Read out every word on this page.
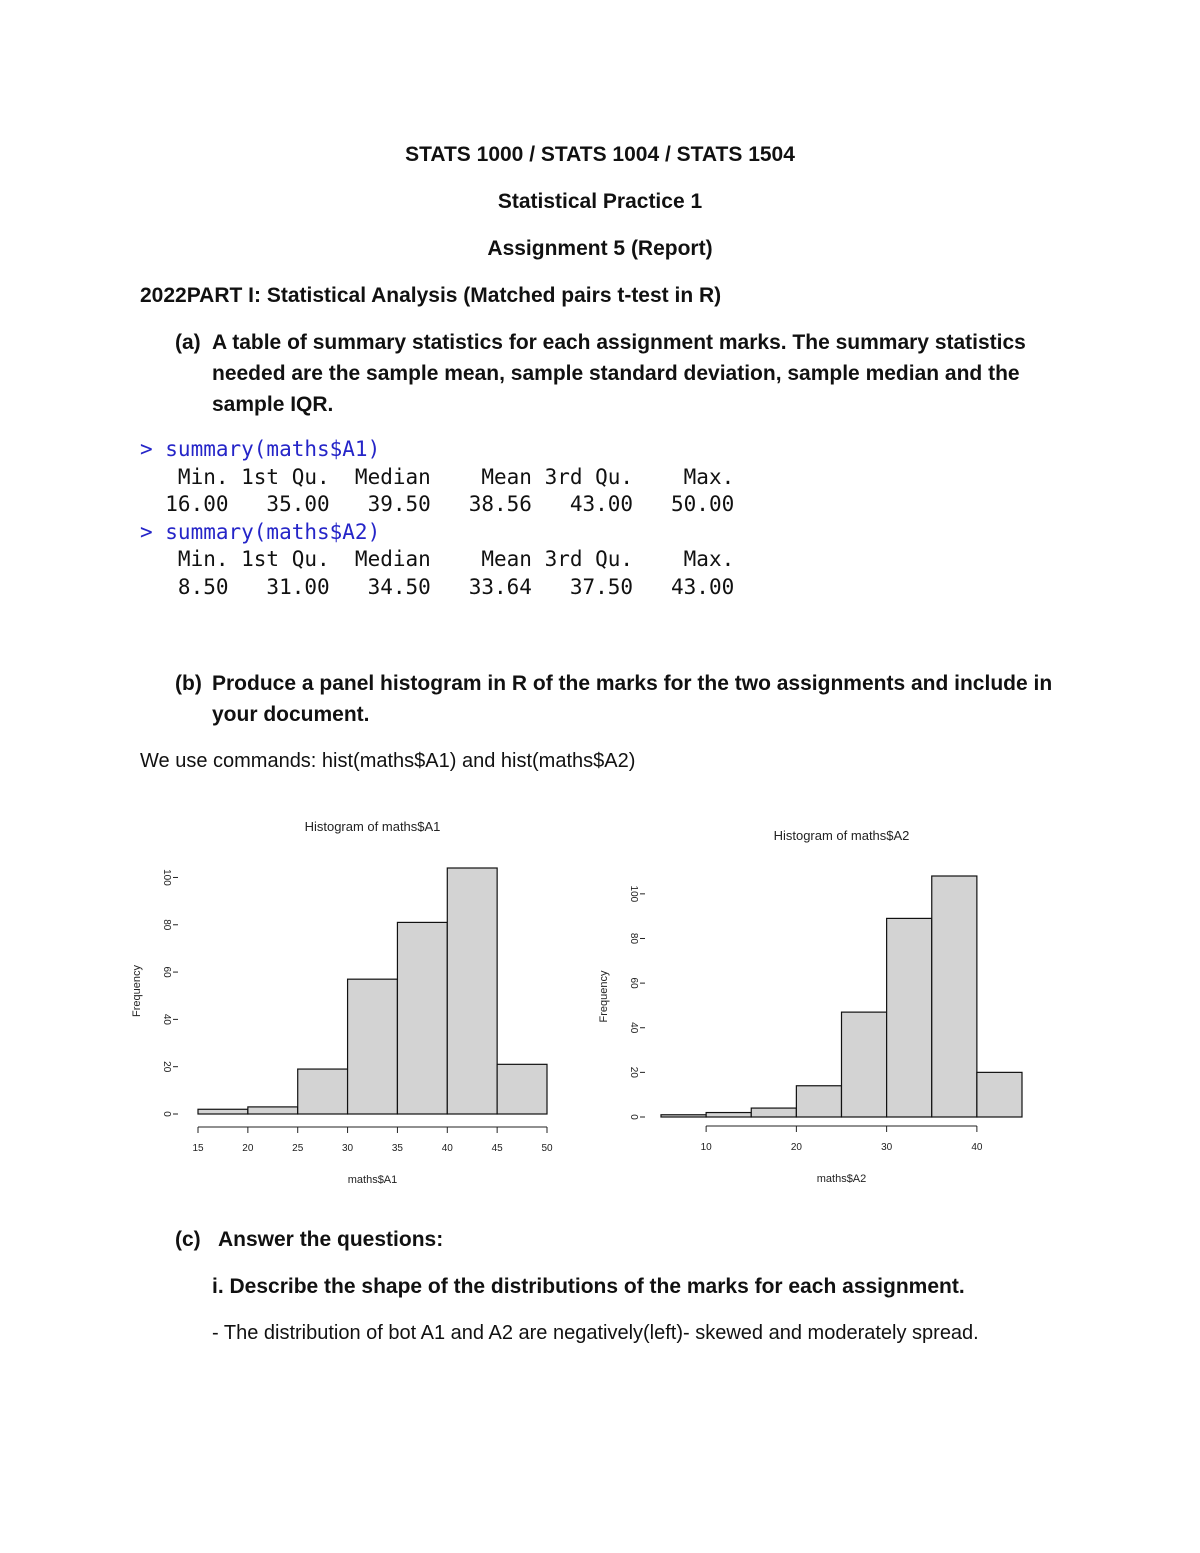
STATS 1000 / STATS 1004 / STATS 1504
Statistical Practice 1
Assignment 5 (Report)
2022PART I: Statistical Analysis (Matched pairs t-test in R)
(a) A table of summary statistics for each assignment marks. The summary statistics
needed are the sample mean, sample standard deviation, sample median and the
sample IQR.
> summary(maths$A1)
Min. 1st Qu.  Median    Mean 3rd Qu.    Max.
16.00   35.00   39.50   38.56   43.00   50.00
> summary(maths$A2)
Min. 1st Qu.  Median    Mean 3rd Qu.    Max.
8.50   31.00   34.50   33.64   37.50   43.00
(b) Produce a panel histogram in R of the marks for the two assignments and include in
your document.
We use commands: hist(maths$A1) and hist(maths$A2)
Histogram of maths$A1
15	20	25	30	35	40	45	50
maths$A1
0
20
40
60
80
100
Frequency
Histogram of maths$A2
10	20	30	40
maths$A2
0
20
40
60
80
100
Frequency
(c) Answer the questions:
i. Describe the shape of the distributions of the marks for each assignment.
- The distribution of bot A1 and A2 are negatively(left)- skewed and moderately spread.
